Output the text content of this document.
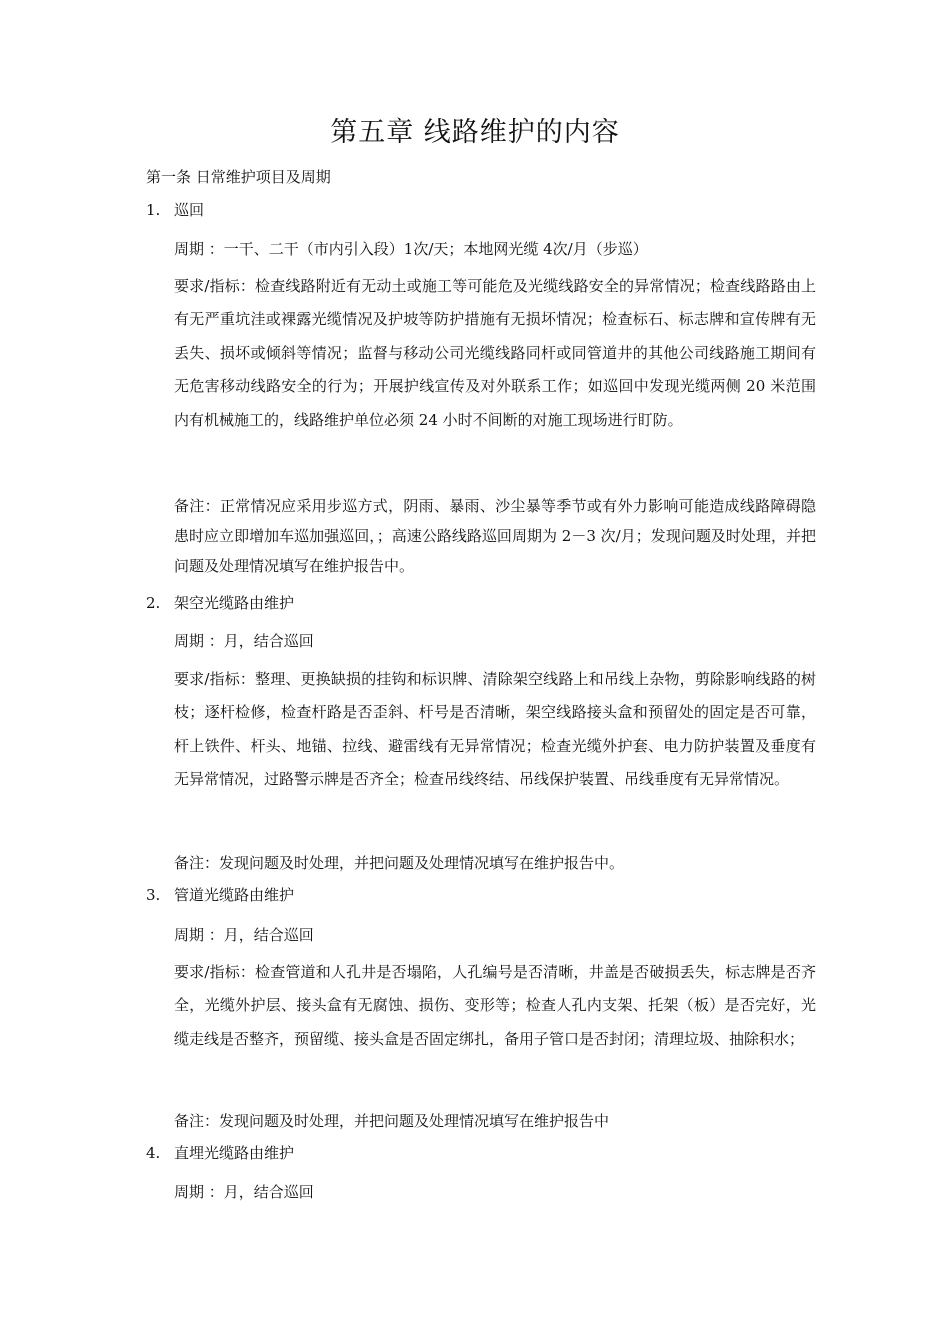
第五章 线路维护的内容
第一条 日常维护项目及周期
1. 巡回
周期 ：一干、二干（市内引入段）1次/天；本地网光缆 4次/月（步巡）
要求/指标：检查线路附近有无动土或施工等可能危及光缆线路安全的异常情况；检查线路路由上有无严重坑洼或裸露光缆情况及护坡等防护措施有无损坏情况；检查标石、标志牌和宣传牌有无丢失、损坏或倾斜等情况；监督与移动公司光缆线路同杆或同管道井的其他公司线路施工期间有无危害移动线路安全的行为；开展护线宣传及对外联系工作；如巡回中发现光缆两侧 20 米范围内有机械施工的，线路维护单位必须 24 小时不间断的对施工现场进行盯防。
备注：正常情况应采用步巡方式，阴雨、暴雨、沙尘暴等季节或有外力影响可能造成线路障碍隐患时应立即增加车巡加强巡回，；高速公路线路巡回周期为 2－3 次/月；发现问题及时处理，并把问题及处理情况填写在维护报告中。
2. 架空光缆路由维护
周期 ：月，结合巡回
要求/指标：整理、更换缺损的挂钩和标识牌、清除架空线路上和吊线上杂物，剪除影响线路的树枝；逐杆检修，检查杆路是否歪斜、杆号是否清晰，架空线路接头盒和预留处的固定是否可靠，杆上铁件、杆头、地锚、拉线、避雷线有无异常情况；检查光缆外护套、电力防护装置及垂度有无异常情况，过路警示牌是否齐全；检查吊线终结、吊线保护装置、吊线垂度有无异常情况。
备注：发现问题及时处理，并把问题及处理情况填写在维护报告中。
3. 管道光缆路由维护
周期 ：月，结合巡回
要求/指标：检查管道和人孔井是否塌陷，人孔编号是否清晰，井盖是否破损丢失，标志牌是否齐全，光缆外护层、接头盒有无腐蚀、损伤、变形等；检查人孔内支架、托架（板）是否完好，光缆走线是否整齐，预留缆、接头盒是否固定绑扎，备用子管口是否封闭；清理垃圾、抽除积水；
备注：发现问题及时处理，并把问题及处理情况填写在维护报告中
4. 直埋光缆路由维护
周期 ：月，结合巡回
